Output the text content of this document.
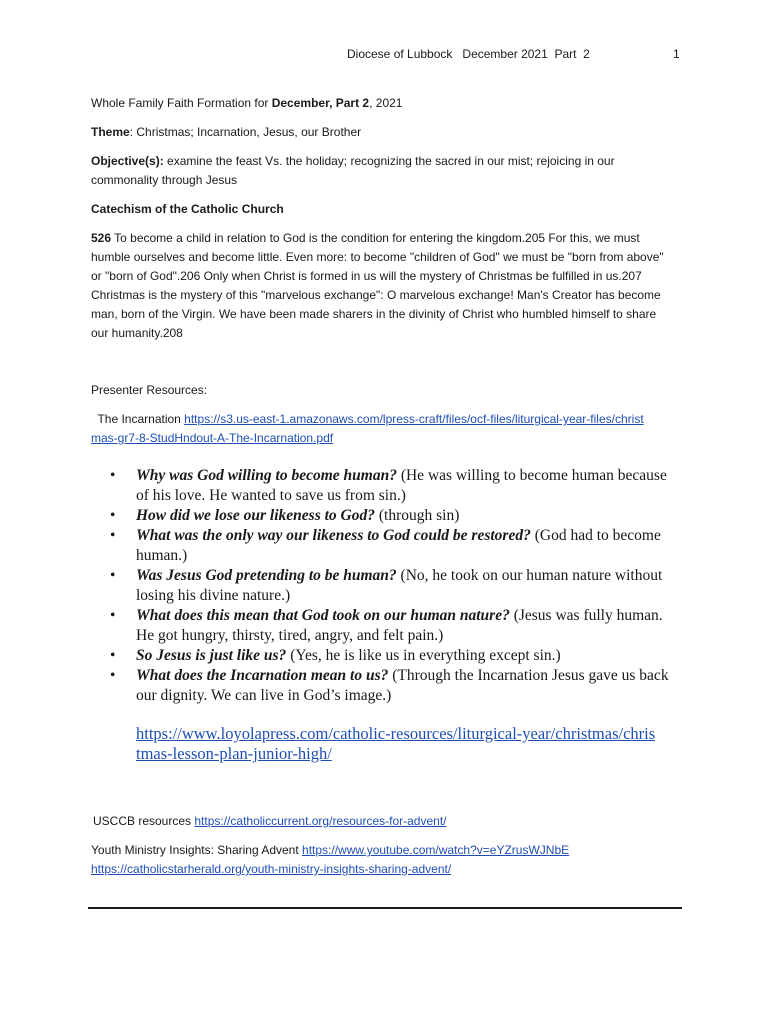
Diocese of Lubbock   December 2021  Part  2	1
Whole Family Faith Formation for December, Part 2, 2021
Theme: Christmas; Incarnation, Jesus, our Brother
Objective(s): examine the feast Vs. the holiday; recognizing the sacred in our mist; rejoicing in our commonality through Jesus
Catechism of the Catholic Church
526 To become a child in relation to God is the condition for entering the kingdom.205 For this, we must humble ourselves and become little. Even more: to become "children of God" we must be "born from above" or "born of God".206 Only when Christ is formed in us will the mystery of Christmas be fulfilled in us.207 Christmas is the mystery of this "marvelous exchange": O marvelous exchange! Man's Creator has become man, born of the Virgin. We have been made sharers in the divinity of Christ who humbled himself to share our humanity.208
Presenter Resources:
The Incarnation https://s3.us-east-1.amazonaws.com/lpress-craft/files/ocf-files/liturgical-year-files/christmas-gr7-8-StudHndout-A-The-Incarnation.pdf
• Why was God willing to become human? (He was willing to become human because of his love. He wanted to save us from sin.)
• How did we lose our likeness to God? (through sin)
• What was the only way our likeness to God could be restored? (God had to become human.)
• Was Jesus God pretending to be human? (No, he took on our human nature without losing his divine nature.)
• What does this mean that God took on our human nature? (Jesus was fully human. He got hungry, thirsty, tired, angry, and felt pain.)
• So Jesus is just like us? (Yes, he is like us in everything except sin.)
• What does the Incarnation mean to us? (Through the Incarnation Jesus gave us back our dignity. We can live in God’s image.)
https://www.loyolapress.com/catholic-resources/liturgical-year/christmas/christmas-lesson-plan-junior-high/
USCCB resources https://catholiccurrent.org/resources-for-advent/
Youth Ministry Insights: Sharing Advent https://www.youtube.com/watch?v=eYZrusWJNbE
https://catholicstarherald.org/youth-ministry-insights-sharing-advent/
